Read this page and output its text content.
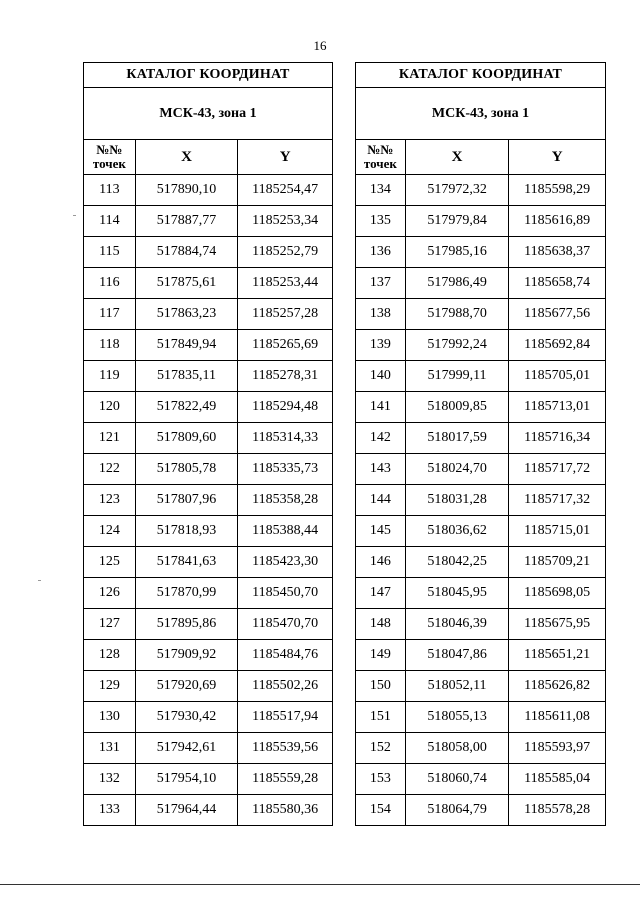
16
КАТАЛОГ КООРДИНАТ		
МСК-43, зона 1		
№№ точек	X	Y
113	517890,10	1185254,47
114	517887,77	1185253,34
115	517884,74	1185252,79
116	517875,61	1185253,44
117	517863,23	1185257,28
118	517849,94	1185265,69
119	517835,11	1185278,31
120	517822,49	1185294,48
121	517809,60	1185314,33
122	517805,78	1185335,73
123	517807,96	1185358,28
124	517818,93	1185388,44
125	517841,63	1185423,30
126	517870,99	1185450,70
127	517895,86	1185470,70
128	517909,92	1185484,76
129	517920,69	1185502,26
130	517930,42	1185517,94
131	517942,61	1185539,56
132	517954,10	1185559,28
133	517964,44	1185580,36
КАТАЛОГ КООРДИНАТ		
МСК-43, зона 1		
№№ точек	X	Y
134	517972,32	1185598,29
135	517979,84	1185616,89
136	517985,16	1185638,37
137	517986,49	1185658,74
138	517988,70	1185677,56
139	517992,24	1185692,84
140	517999,11	1185705,01
141	518009,85	1185713,01
142	518017,59	1185716,34
143	518024,70	1185717,72
144	518031,28	1185717,32
145	518036,62	1185715,01
146	518042,25	1185709,21
147	518045,95	1185698,05
148	518046,39	1185675,95
149	518047,86	1185651,21
150	518052,11	1185626,82
151	518055,13	1185611,08
152	518058,00	1185593,97
153	518060,74	1185585,04
154	518064,79	1185578,28
